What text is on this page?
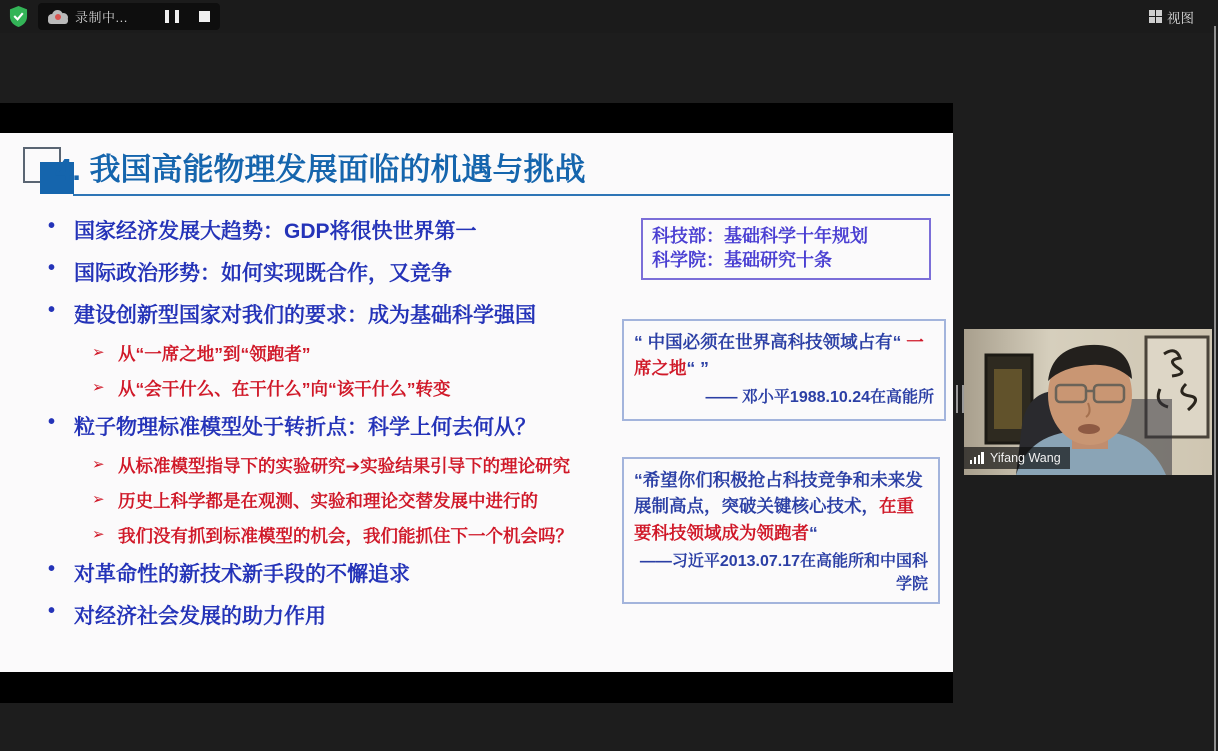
录制中...	视图
4. 我国高能物理发展面临的机遇与挑战
• 国家经济发展大趋势：GDP将很快世界第一
• 国际政治形势：如何实现既合作，又竞争
• 建设创新型国家对我们的要求：成为基础科学强国
➢ 从“一席之地”到“领跑者”
➢ 从“会干什么、在干什么”向“该干什么”转变
• 粒子物理标准模型处于转折点：科学上何去何从？
➢ 从标准模型指导下的实验研究➔实验结果引导下的理论研究
➢ 历史上科学都是在观测、实验和理论交替发展中进行的
➢ 我们没有抓到标准模型的机会，我们能抓住下一个机会吗？
• 对革命性的新技术新手段的不懈追求
• 对经济社会发展的助力作用
科技部：基础科学十年规划
科学院：基础研究十条
“ 中国必须在世界高科技领域占有“ 一席之地“ ”
—— 邓小平1988.10.24在高能所
“希望你们积极抢占科技竞争和未来发展制高点，突破关键核心技术，在重要科技领域成为领跑者“
——习近平2013.07.17在高能所和中国科学院
Yifang Wang
